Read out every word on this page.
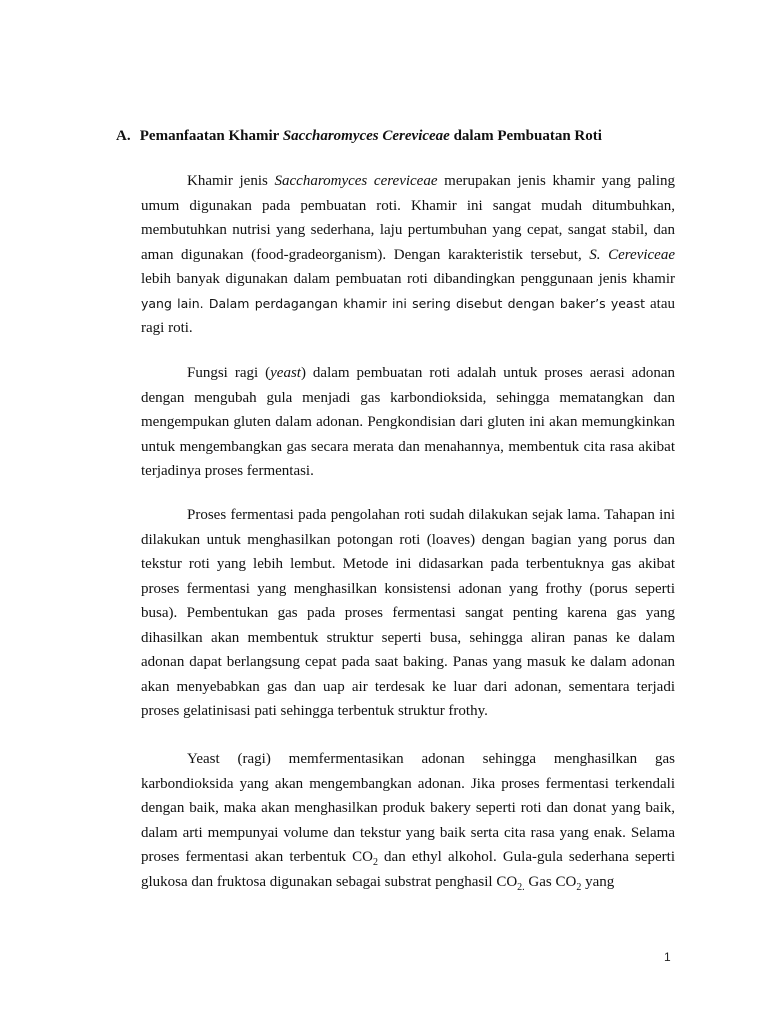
A. Pemanfaatan Khamir Saccharomyces Cereviceae dalam Pembuatan Roti

Khamir jenis Saccharomyces cereviceae merupakan jenis khamir yang paling umum digunakan pada pembuatan roti. Khamir ini sangat mudah ditumbuhkan, membutuhkan nutrisi yang sederhana, laju pertumbuhan yang cepat, sangat stabil, dan aman digunakan (food-gradeorganism). Dengan karakteristik tersebut, S. Cereviceae lebih banyak digunakan dalam pembuatan roti dibandingkan penggunaan jenis khamir yang lain. Dalam perdagangan khamir ini sering disebut dengan baker’s yeast atau ragi roti.

Fungsi ragi (yeast) dalam pembuatan roti adalah untuk proses aerasi adonan dengan mengubah gula menjadi gas karbondioksida, sehingga mematangkan dan mengempukan gluten dalam adonan. Pengkondisian dari gluten ini akan memungkinkan untuk mengembangkan gas secara merata dan menahannya, membentuk cita rasa akibat terjadinya proses fermentasi.

Proses fermentasi pada pengolahan roti sudah dilakukan sejak lama. Tahapan ini dilakukan untuk menghasilkan potongan roti (loaves) dengan bagian yang porus dan tekstur roti yang lebih lembut. Metode ini didasarkan pada terbentuknya gas akibat proses fermentasi yang menghasilkan konsistensi adonan yang frothy (porus seperti busa). Pembentukan gas pada proses fermentasi sangat penting karena gas yang dihasilkan akan membentuk struktur seperti busa, sehingga aliran panas ke dalam adonan dapat berlangsung cepat pada saat baking. Panas yang masuk ke dalam adonan akan menyebabkan gas dan uap air terdesak ke luar dari adonan, sementara terjadi proses gelatinisasi pati sehingga terbentuk struktur frothy.

Yeast (ragi) memfermentasikan adonan sehingga menghasilkan gas karbondioksida yang akan mengembangkan adonan. Jika proses fermentasi terkendali dengan baik, maka akan menghasilkan produk bakery seperti roti dan donat yang baik, dalam arti mempunyai volume dan tekstur yang baik serta cita rasa yang enak. Selama proses fermentasi akan terbentuk $CO_2$ dan ethyl alkohol. Gula-gula sederhana seperti glukosa dan fruktosa digunakan sebagai substrat penghasil $CO_{2.}$ Gas $CO_2$ yang

1
